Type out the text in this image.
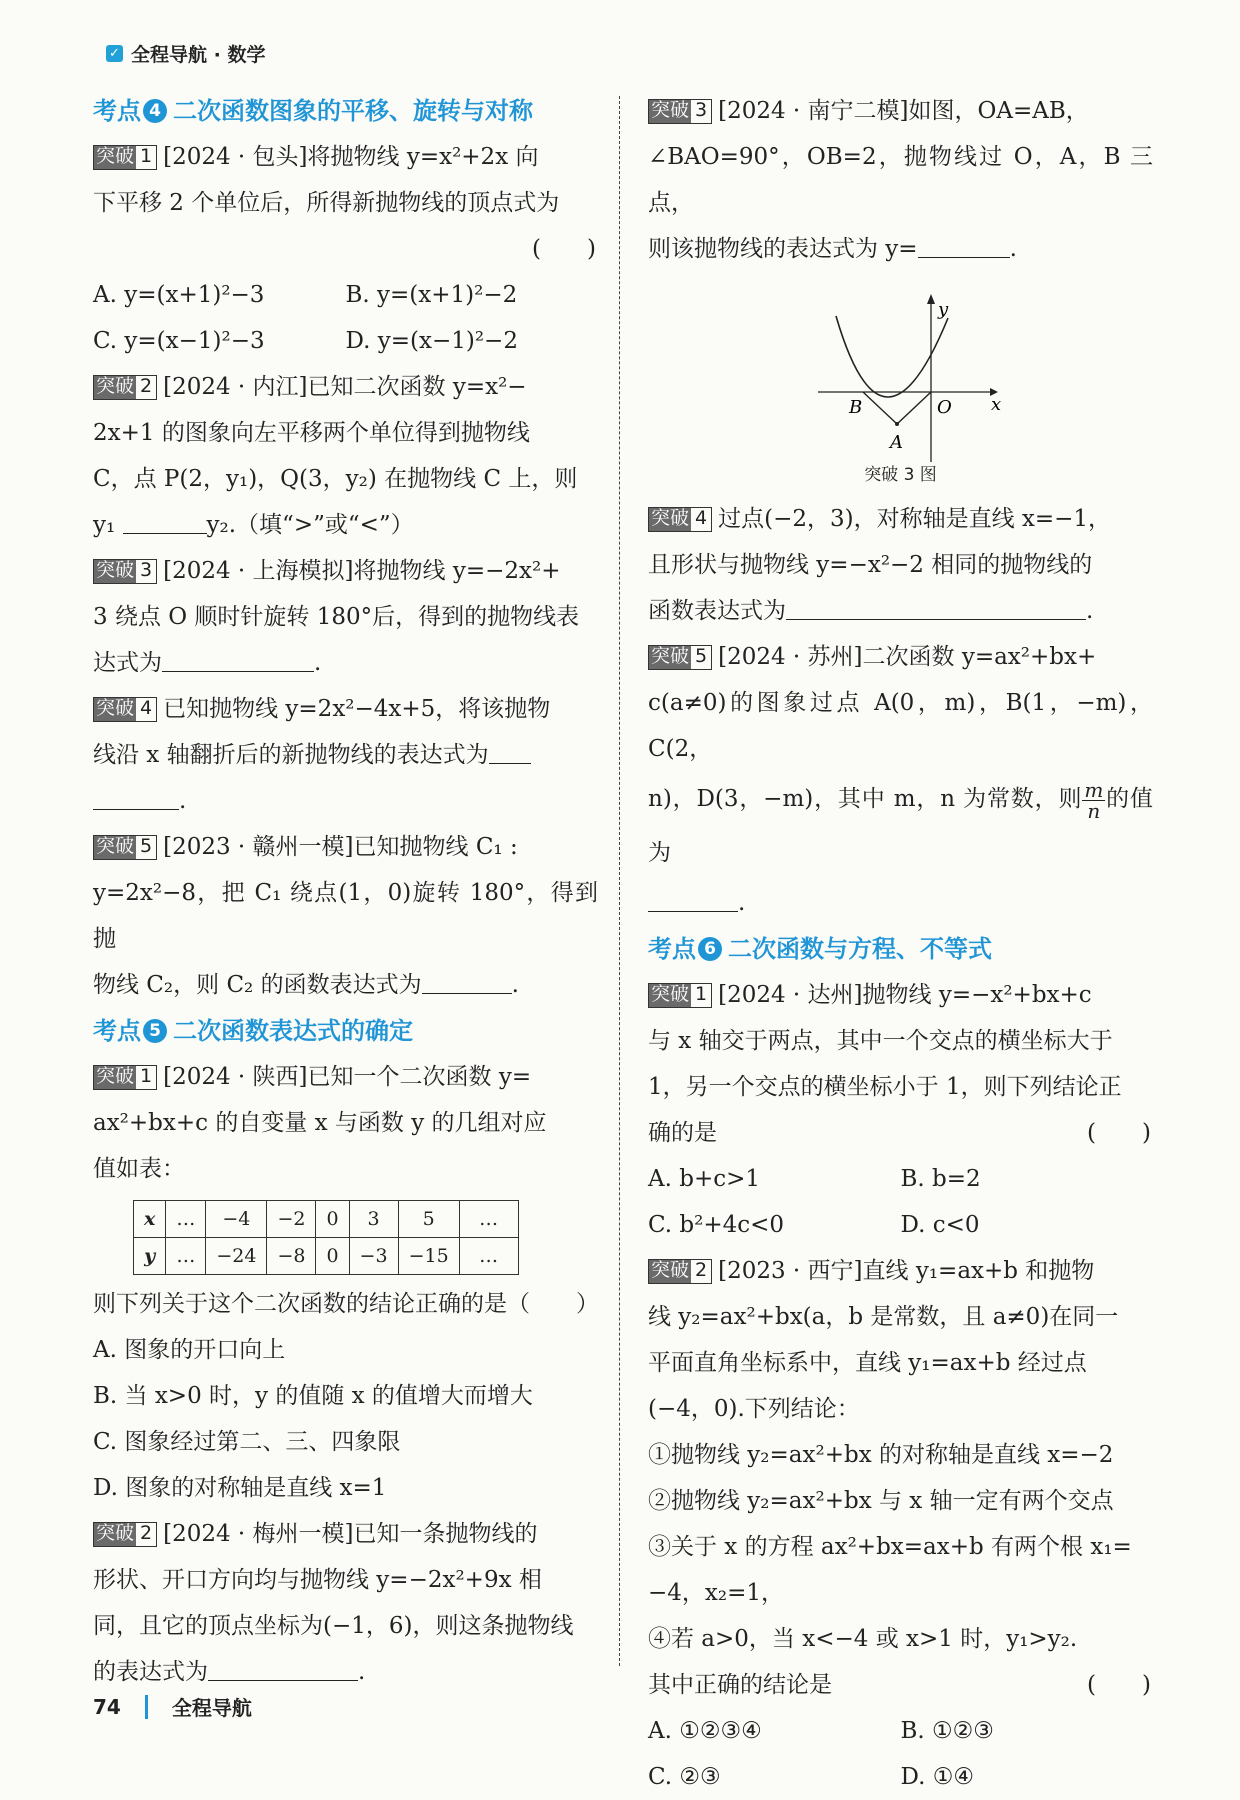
✓ 全程导航 · 数学
考点 4 二次函数图象的平移、旋转与对称

突破 1 [2024 · 包头]将抛物线 y=x²+2x 向

下平移 2 个单位后，所得新抛物线的顶点式为

(　　)

A. y=(x+1)²−3	B. y=(x+1)²−2
C. y=(x−1)²−3	D. y=(x−1)²−2

突破 2 [2024 · 内江]已知二次函数 y=x²−

2x+1 的图象向左平移两个单位得到抛物线

C，点 P(2，y₁)，Q(3，y₂) 在抛物线 C 上，则

y₁	y₂.（填“>”或“<”）

突破 3 [2024 · 上海模拟]将抛物线 y=−2x²+

3 绕点 O 顺时针旋转 180°后，得到的抛物线表

达式为	.

突破 4 已知抛物线 y=2x²−4x+5，将该抛物

线沿 x 轴翻折后的新抛物线的表达式为

.

突破 5 [2023 · 赣州一模]已知抛物线 C₁ :

y=2x²−8，把 C₁ 绕点(1，0)旋转 180°，得到抛

物线 C₂，则 C₂ 的函数表达式为	.

考点 5 二次函数表达式的确定

突破 1 [2024 · 陕西]已知一个二次函数 y=

ax²+bx+c 的自变量 x 与函数 y 的几组对应

值如表：

x	…	−4	−2	0	3	5	…
y	…	−24	−8	0	−3	−15	…

则下列关于这个二次函数的结论正确的是（　　）

A. 图象的开口向上

B. 当 x>0 时，y 的值随 x 的值增大而增大

C. 图象经过第二、三、四象限

D. 图象的对称轴是直线 x=1

突破 2 [2024 · 梅州一模]已知一条抛物线的

形状、开口方向均与抛物线 y=−2x²+9x 相

同，且它的顶点坐标为(−1，6)，则这条抛物线

的表达式为	.

突破 3 [2024 · 南宁二模]如图，OA=AB，

∠BAO=90°，OB=2，抛物线过 O，A，B 三点，

则该抛物线的表达式为 y=	.

x
y
B	O
A
突破 3 图

突破 4 过点(−2，3)，对称轴是直线 x=−1，

且形状与抛物线 y=−x²−2 相同的抛物线的

函数表达式为	.

突破 5 [2024 · 苏州]二次函数 y=ax²+bx+

c(a≠0)的图象过点 A(0，m)，B(1，−m)，C(2，

n)，D(3，−m)，其中 m，n 为常数，则 $\frac{m}{n}$ 的值为

.

考点 6 二次函数与方程、不等式

突破 1 [2024 · 达州]抛物线 y=−x²+bx+c

与 x 轴交于两点，其中一个交点的横坐标大于

1，另一个交点的横坐标小于 1，则下列结论正

确的是	(　　)
A. b+c>1	B. b=2
C. b²+4c<0	D. c<0

突破 2 [2023 · 西宁]直线 y₁=ax+b 和抛物

线 y₂=ax²+bx(a，b 是常数，且 a≠0)在同一

平面直角坐标系中，直线 y₁=ax+b 经过点

(−4，0).下列结论：

①抛物线 y₂=ax²+bx 的对称轴是直线 x=−2

②抛物线 y₂=ax²+bx 与 x 轴一定有两个交点

③关于 x 的方程 ax²+bx=ax+b 有两个根 x₁=

−4，x₂=1，

④若 a>0，当 x<−4 或 x>1 时，y₁>y₂.

其中正确的结论是	(　　)
A. ①②③④	B. ①②③
C. ②③	D. ①④
74	全程导航
